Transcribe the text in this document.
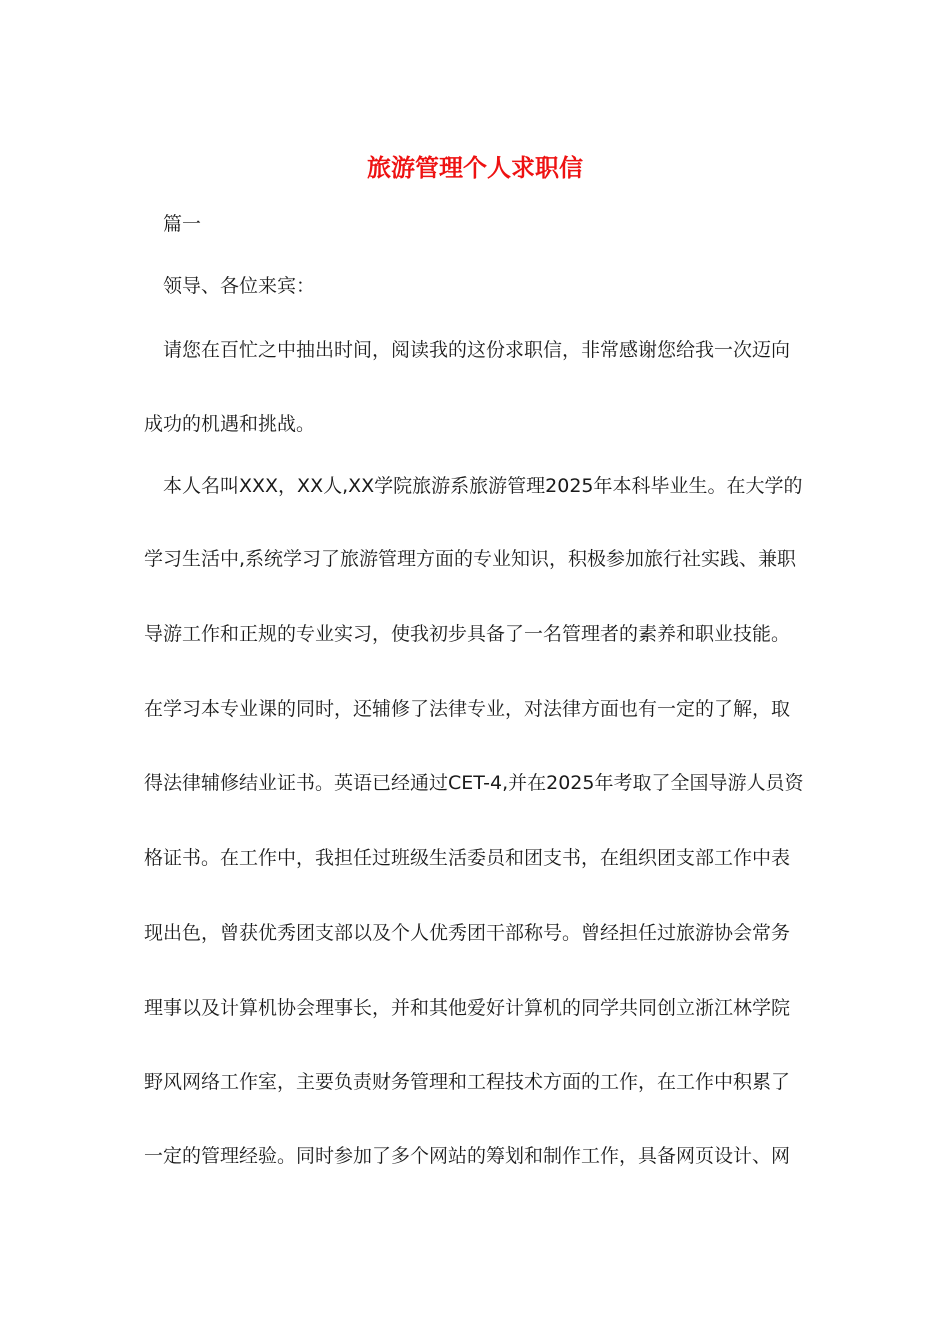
旅游管理个人求职信

篇一

领导、各位来宾：

请您在百忙之中抽出时间，阅读我的这份求职信，非常感谢您给我一次迈向

成功的机遇和挑战。

本人名叫XXX，XX人,XX学院旅游系旅游管理2025年本科毕业生。在大学的

学习生活中,系统学习了旅游管理方面的专业知识，积极参加旅行社实践、兼职

导游工作和正规的专业实习，使我初步具备了一名管理者的素养和职业技能。

在学习本专业课的同时，还辅修了法律专业，对法律方面也有一定的了解，取

得法律辅修结业证书。英语已经通过CET-4,并在2025年考取了全国导游人员资

格证书。在工作中，我担任过班级生活委员和团支书，在组织团支部工作中表

现出色，曾获优秀团支部以及个人优秀团干部称号。曾经担任过旅游协会常务

理事以及计算机协会理事长，并和其他爱好计算机的同学共同创立浙江林学院

野风网络工作室，主要负责财务管理和工程技术方面的工作，在工作中积累了

一定的管理经验。同时参加了多个网站的筹划和制作工作，具备网页设计、网
